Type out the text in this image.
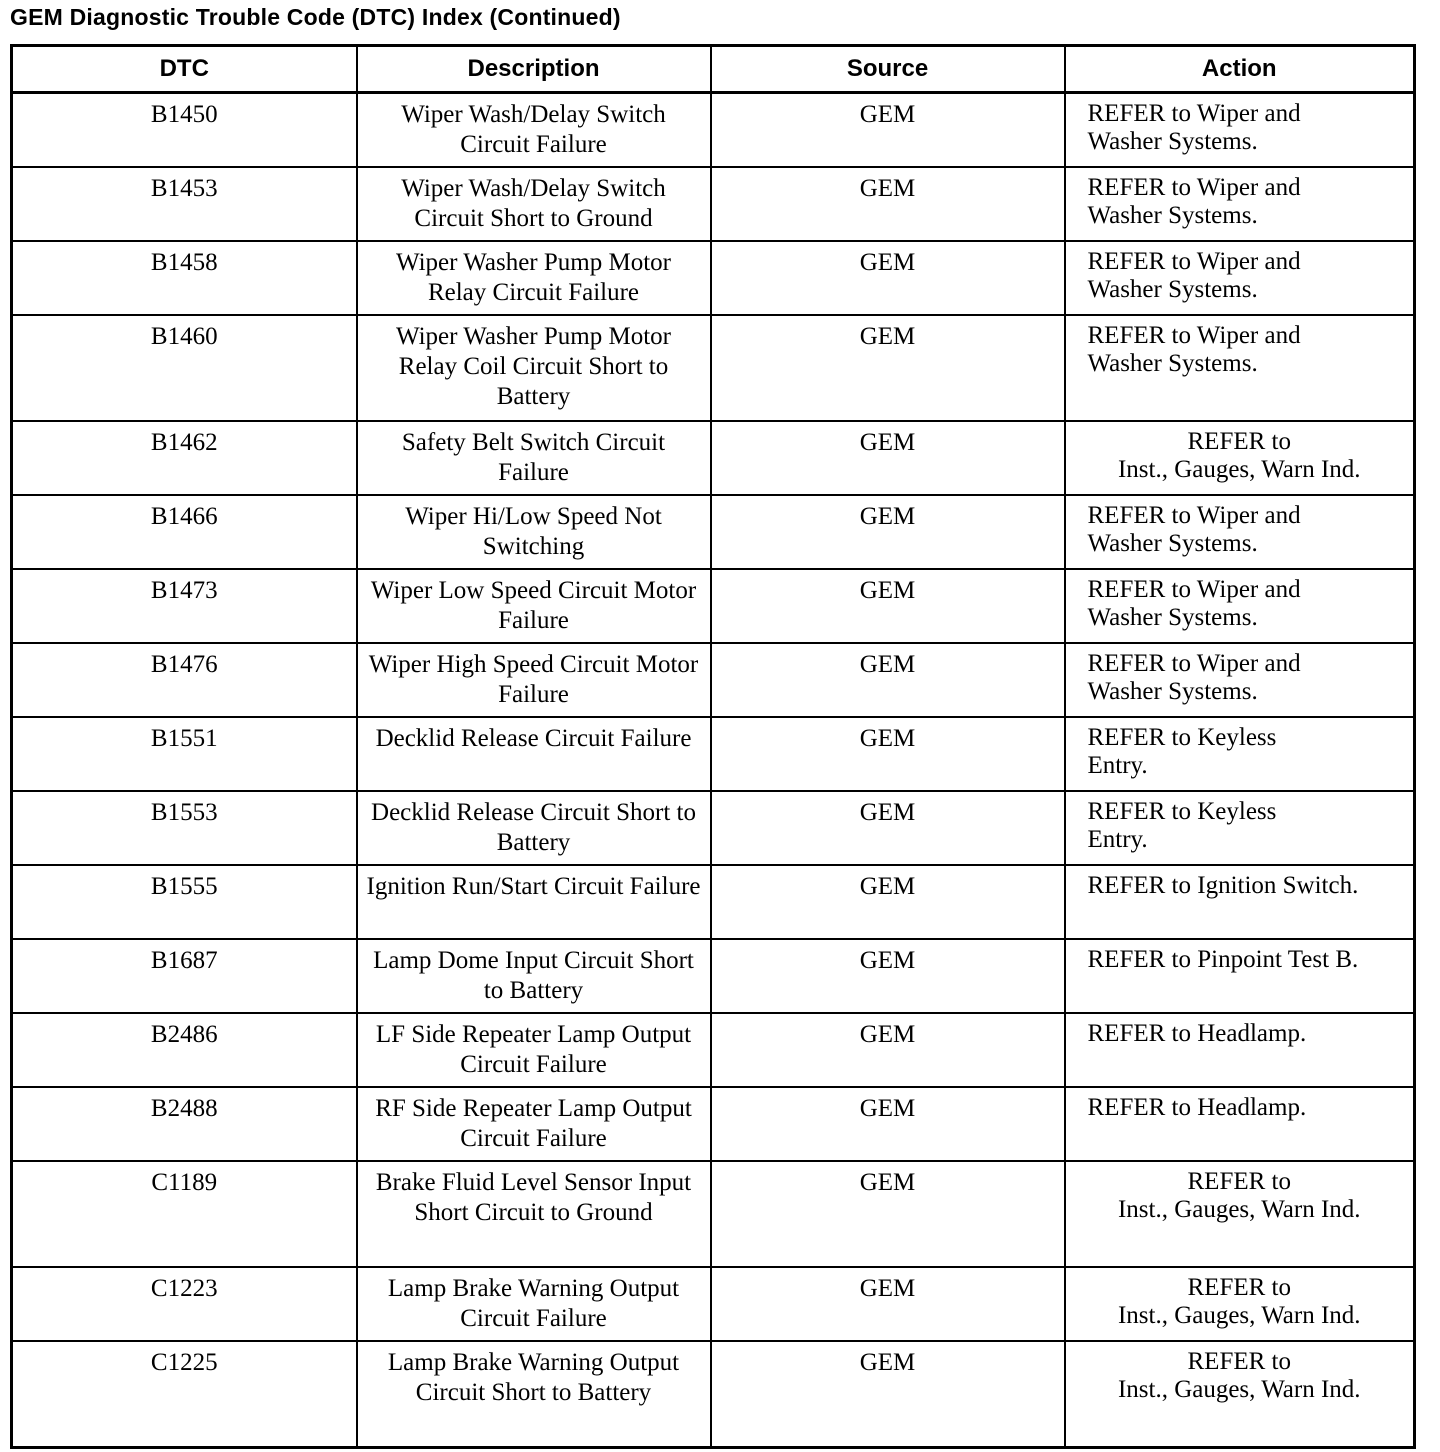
GEM Diagnostic Trouble Code (DTC) Index (Continued)
DTC	Description	Source	Action
B1450	Wiper Wash/Delay Switch Circuit Failure	GEM	REFER to Wiper and
Washer Systems.
B1453	Wiper Wash/Delay Switch Circuit Short to Ground	GEM	REFER to Wiper and
Washer Systems.
B1458	Wiper Washer Pump Motor Relay Circuit Failure	GEM	REFER to Wiper and
Washer Systems.
B1460	Wiper Washer Pump Motor Relay Coil Circuit Short to Battery	GEM	REFER to Wiper and
Washer Systems.
B1462	Safety Belt Switch Circuit Failure	GEM	REFER to
Inst., Gauges, Warn Ind.
B1466	Wiper Hi/Low Speed Not Switching	GEM	REFER to Wiper and
Washer Systems.
B1473	Wiper Low Speed Circuit Motor Failure	GEM	REFER to Wiper and
Washer Systems.
B1476	Wiper High Speed Circuit Motor Failure	GEM	REFER to Wiper and
Washer Systems.
B1551	Decklid Release Circuit Failure	GEM	REFER to Keyless
Entry.
B1553	Decklid Release Circuit Short to Battery	GEM	REFER to Keyless
Entry.
B1555	Ignition Run/Start Circuit Failure	GEM	REFER to Ignition Switch.
B1687	Lamp Dome Input Circuit Short to Battery	GEM	REFER to Pinpoint Test B.
B2486	LF Side Repeater Lamp Output Circuit Failure	GEM	REFER to Headlamp.
B2488	RF Side Repeater Lamp Output Circuit Failure	GEM	REFER to Headlamp.
C1189	Brake Fluid Level Sensor Input Short Circuit to Ground	GEM	REFER to
Inst., Gauges, Warn Ind.
C1223	Lamp Brake Warning Output Circuit Failure	GEM	REFER to
Inst., Gauges, Warn Ind.
C1225	Lamp Brake Warning Output Circuit Short to Battery	GEM	REFER to
Inst., Gauges, Warn Ind.
